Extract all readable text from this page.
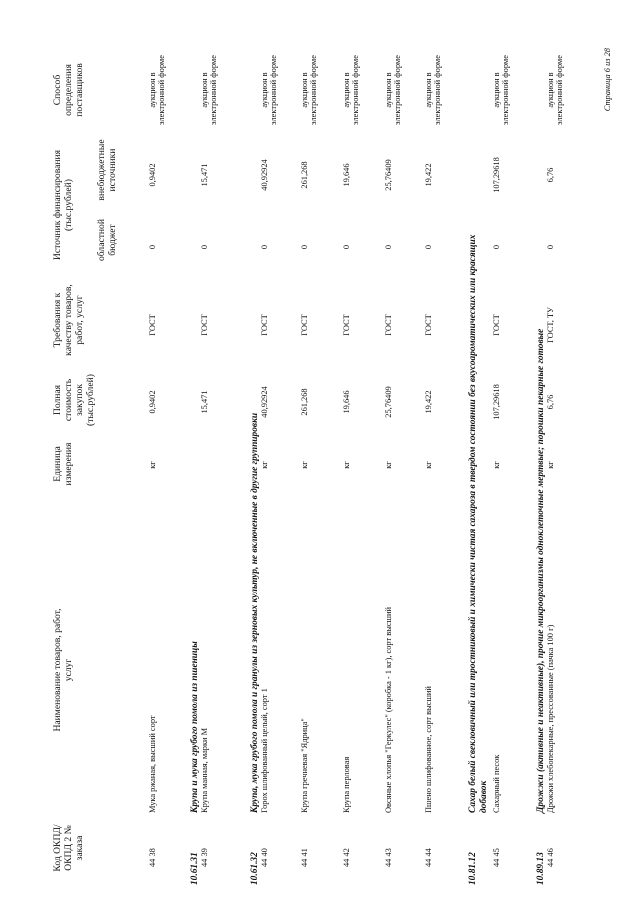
Код ОКПД/ ОКПД 2 № заказа
Наименование товаров, работ, услуг
Единица измерения
Полная стоимость закупок (тыс.рублей)
Требования к качеству товаров, работ, услуг
Источник финансирования (тыс.рублей)
областной бюджет
внебюджетные источники
Способ определения поставщиков
44 38
Мука ржаная, высший сорт
кг
0,9402
ГОСТ
0
0,9402
аукцион в электронной форме
10.61.31
Крупа и мука грубого помола из пшеницы
44 39
Крупа манная, марки М
15,471
ГОСТ
0
15,471
аукцион в электронной форме
10.61.32
Крупа, мука грубого помола и гранулы из зерновых культур, не включенные в другие группировки
44 40
Горох шлифованный целый, сорт 1
кг
40,92924
ГОСТ
0
40,92924
аукцион в электронной форме
44 41
Крупа гречневая "Ядрица"
кг
261,268
ГОСТ
0
261,268
аукцион в электронной форме
44 42
Крупа перловая
кг
19,646
ГОСТ
0
19,646
аукцион в электронной форме
44 43
Овсяные хлопья "Геркулес" (коробка - 1 кг), сорт высший
кг
25,76409
ГОСТ
0
25,76409
аукцион в электронной форме
44 44
Пшено шлифованное, сорт высший
кг
19,422
ГОСТ
0
19,422
аукцион в электронной форме
10.81.12
Сахар белый свекловичный или тростниковый и химически чистая сахароза в твердом состоянии без вкусоароматических или красящих добавок
44 45
Сахарный песок
кг
107,29618
ГОСТ
0
107,29618
аукцион в электронной форме
10.89.13
Дрожжи (активные и неактивные), прочие микроорганизмы одноклеточные мертвые; порошки пекарные готовые
44 46
Дрожжи хлебопекарные, прессованные (пачка 100 г)
кг
6,76
ГОСТ, ТУ
0
6,76
аукцион в электронной форме	Страница 6 из 28
